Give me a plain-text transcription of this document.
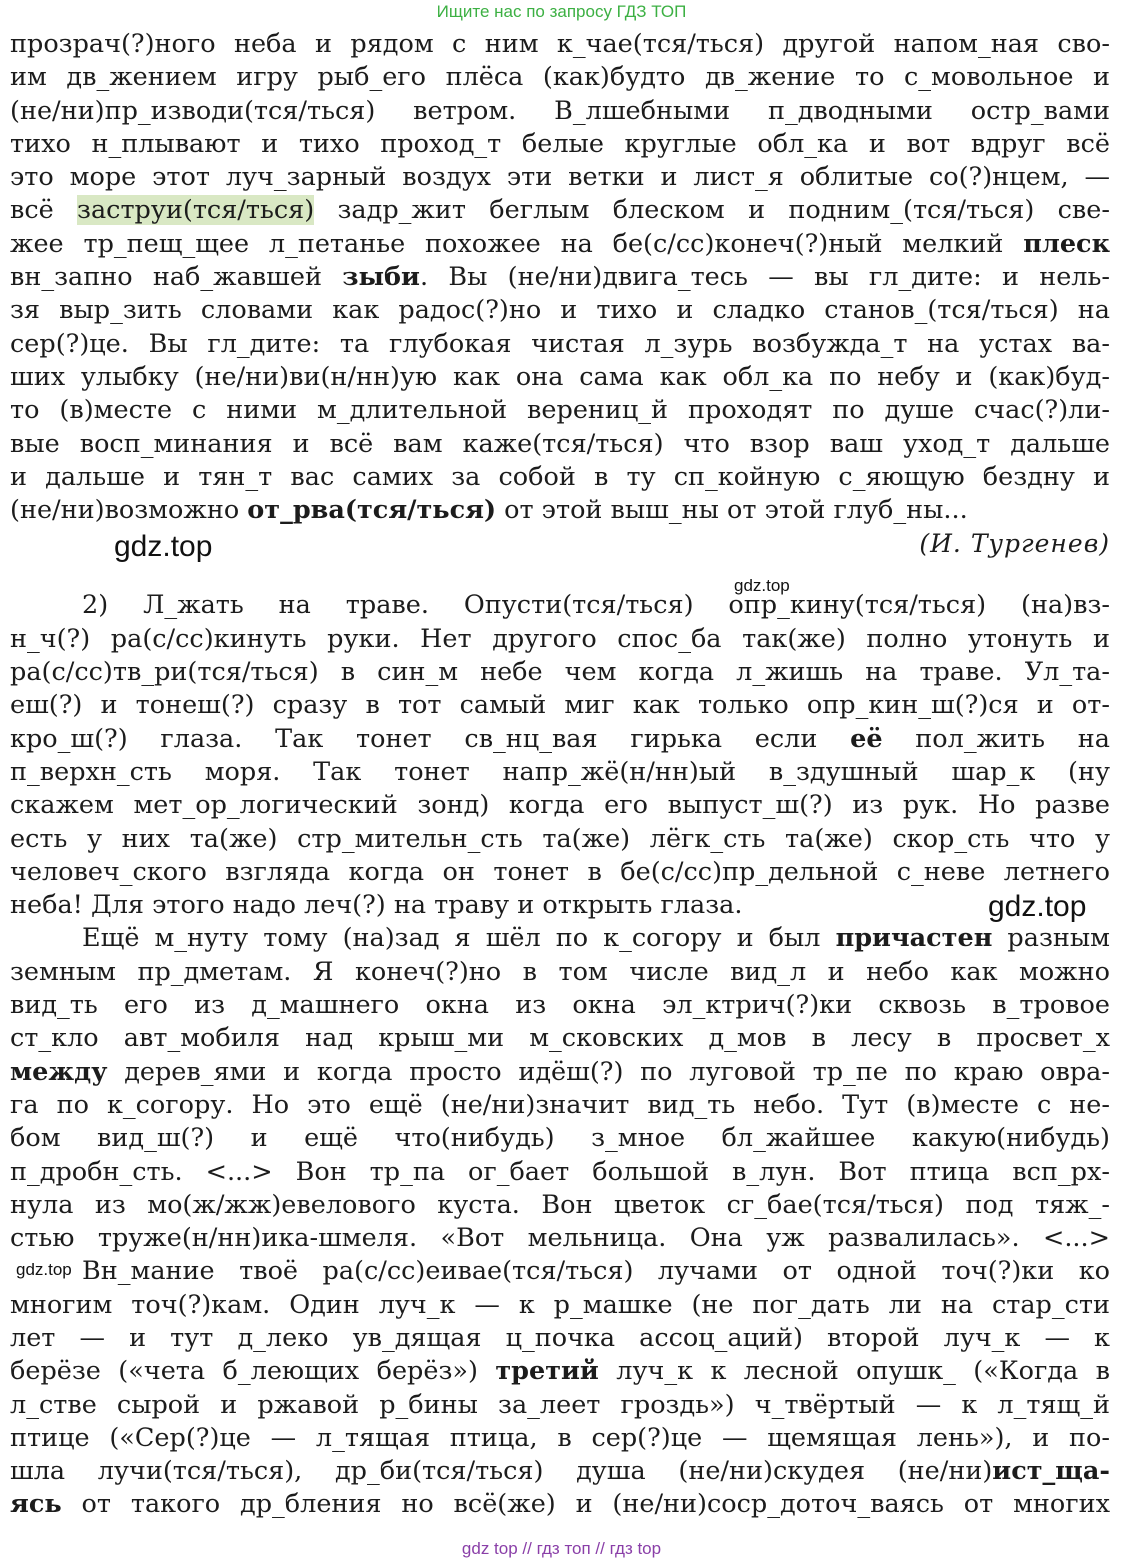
Ищите нас по запросу ГДЗ ТОП
прозрач(?)ного неба и рядом с ним к_чае(тся/ться) другой напом_ная сво-
им дв_жением игру рыб_его плёса (как)будто дв_жение то с_мовольное и
(не/ни)пр_изводи(тся/ться) ветром. В_лшебными п_дводными остр_вами
тихо н_плывают и тихо проход_т белые круглые обл_ка и вот вдруг всё
это море этот луч_зарный воздух эти ветки и лист_я облитые со(?)нцем, —
всё заструи(тся/ться) задр_жит беглым блеском и подним_(тся/ться) све-
жее тр_пещ_щее л_петанье похожее на бе(с/сс)конеч(?)ный мелкий плеск
вн_запно наб_жавшей зыби. Вы (не/ни)двига_тесь — вы гл_дите: и нель-
зя выр_зить словами как радос(?)но и тихо и сладко станов_(тся/ться) на
сер(?)це. Вы гл_дите: та глубокая чистая л_зурь возбужда_т на устах ва-
ших улыбку (не/ни)ви(н/нн)ую как она сама как обл_ка по небу и (как)буд-
то (в)месте с ними м_длительной верениц_й проходят по душе счас(?)ли-
вые восп_минания и всё вам каже(тся/ться) что взор ваш уход_т дальше
и дальше и тян_т вас самих за собой в ту сп_койную с_яющую бездну и
(не/ни)возможно от_рва(тся/ться) от этой выш_ны от этой глуб_ны...
(И. Тургенев)
2) Л_жать на траве. Опусти(тся/ться) опр_кину(тся/ться) (на)вз-
н_ч(?) ра(с/сс)кинуть руки. Нет другого спос_ба так(же) полно утонуть и
ра(с/сс)тв_ри(тся/ться) в син_м небе чем когда л_жишь на траве. Ул_та-
еш(?) и тонеш(?) сразу в тот самый миг как только опр_кин_ш(?)ся и от-
кро_ш(?) глаза. Так тонет св_нц_вая гирька если её пол_жить на
п_верхн_сть моря. Так тонет напр_жё(н/нн)ый в_здушный шар_к (ну
скажем мет_ор_логический зонд) когда его выпуст_ш(?) из рук. Но разве
есть у них та(же) стр_мительн_сть та(же) лёгк_сть та(же) скор_сть что у
человеч_ского взгляда когда он тонет в бе(с/сс)пр_дельной с_неве летнего
неба! Для этого надо леч(?) на траву и открыть глаза.
Ещё м_нуту тому (на)зад я шёл по к_согору и был причастен разным
земным пр_дметам. Я конеч(?)но в том числе вид_л и небо как можно
вид_ть его из д_машнего окна из окна эл_ктрич(?)ки сквозь в_тровое
ст_кло авт_мобиля над крыш_ми м_сковских д_мов в лесу в просвет_х
между дерев_ями и когда просто идёш(?) по луговой тр_пе по краю овра-
га по к_согору. Но это ещё (не/ни)значит вид_ть небо. Тут (в)месте с не-
бом вид_ш(?) и ещё что(нибудь) з_мное бл_жайшее какую(нибудь)
п_дробн_сть. <...> Вон тр_па ог_бает большой в_лун. Вот птица всп_рх-
нула из мо(ж/жж)евелового куста. Вон цветок сг_бае(тся/ться) под тяж_-
стью труже(н/нн)ика-шмеля. «Вот мельница. Она уж развалилась». <...>
Вн_мание твоё ра(с/сс)еивае(тся/ться) лучами от одной точ(?)ки ко
многим точ(?)кам. Один луч_к — к р_машке (не пог_дать ли на стар_сти
лет — и тут д_леко ув_дящая ц_почка ассоц_аций) второй луч_к — к
берёзе («чета б_леющих берёз») третий луч_к к лесной опушк_ («Когда в
л_стве сырой и ржавой р_бины за_леет гроздь») ч_твёртый — к л_тящ_й
птице («Сер(?)це — л_тящая птица, в сер(?)це — щемящая лень»), и по-
шла лучи(тся/ться), др_би(тся/ться) душа (не/ни)скудея (не/ни)ист_ща-
ясь от такого др_бления но всё(же) и (не/ни)соср_доточ_ваясь от многих
gdz.top
gdz.top
gdz.top
gdz.top
gdz top // гдз топ // гдз top
